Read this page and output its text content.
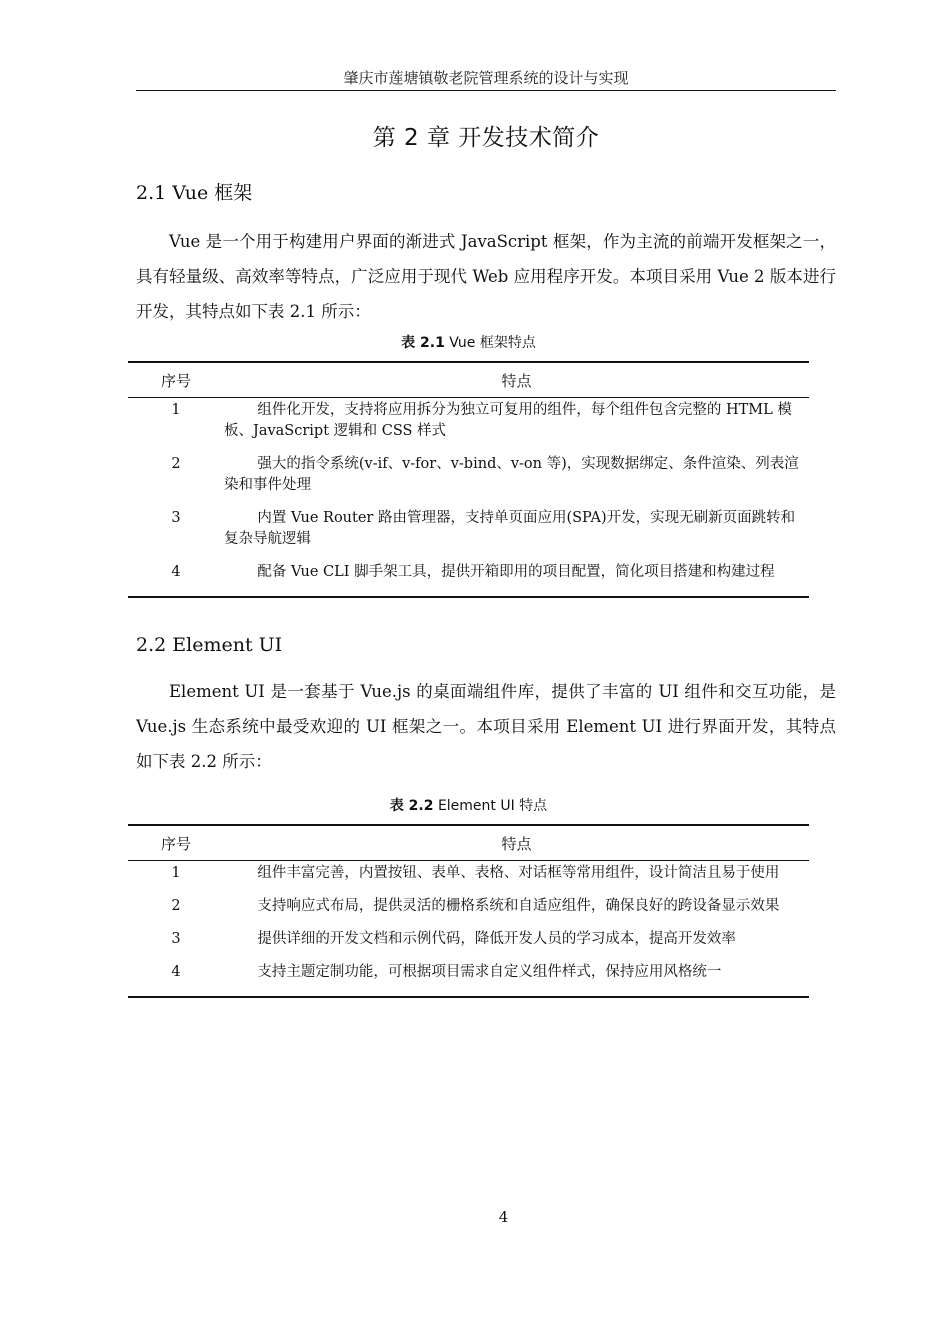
肇庆市莲塘镇敬老院管理系统的设计与实现
第 2 章 开发技术简介
2.1 Vue 框架

Vue 是一个用于构建用户界面的渐进式 JavaScript 框架，作为主流的前端开发框架之一，具有轻量级、高效率等特点，广泛应用于现代 Web 应用程序开发。本项目采用 Vue 2 版本进行开发，其特点如下表 2.1 所示：

表 2.1 Vue 框架特点
序号	特点
1	组件化开发，支持将应用拆分为独立可复用的组件，每个组件包含完整的 HTML 模板、JavaScript 逻辑和 CSS 样式
2	强大的指令系统(v-if、v-for、v-bind、v-on 等)，实现数据绑定、条件渲染、列表渲染和事件处理
3	内置 Vue Router 路由管理器，支持单页面应用(SPA)开发，实现无刷新页面跳转和复杂导航逻辑
4	配备 Vue CLI 脚手架工具，提供开箱即用的项目配置，简化项目搭建和构建过程
2.2 Element UI

Element UI 是一套基于 Vue.js 的桌面端组件库，提供了丰富的 UI 组件和交互功能，是 Vue.js 生态系统中最受欢迎的 UI 框架之一。本项目采用 Element UI 进行界面开发，其特点如下表 2.2 所示：

表 2.2 Element UI 特点
序号	特点
1	组件丰富完善，内置按钮、表单、表格、对话框等常用组件，设计简洁且易于使用
2	支持响应式布局，提供灵活的栅格系统和自适应组件，确保良好的跨设备显示效果
3	提供详细的开发文档和示例代码，降低开发人员的学习成本，提高开发效率
4	支持主题定制功能，可根据项目需求自定义组件样式，保持应用风格统一
4
